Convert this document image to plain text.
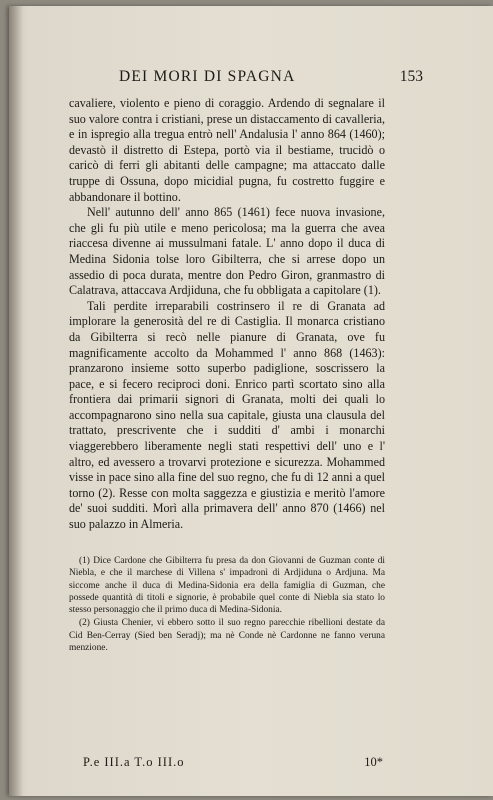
DEI MORI DI SPAGNA	153

cavaliere, violento e pieno di coraggio. Ardendo di segnalare il suo valore contra i cristiani, prese un distaccamento di cavalleria, e in ispregio alla tregua entrò nell' Andalusia l' anno 864 (1460); devastò il distretto di Estepa, portò via il bestiame, trucidò o caricò di ferri gli abitanti delle campagne; ma attaccato dalle truppe di Ossuna, dopo micidial pugna, fu costretto fuggire e abbandonare il bottino.

Nell' autunno dell' anno 865 (1461) fece nuova invasione, che gli fu più utile e meno pericolosa; ma la guerra che avea riaccesa divenne ai mussulmani fatale. L' anno dopo il duca di Medina Sidonia tolse loro Gibilterra, che si arrese dopo un assedio di poca durata, mentre don Pedro Giron, granmastro di Calatrava, attaccava Ardjiduna, che fu obbligata a capitolare (1).

Tali perdite irreparabili costrinsero il re di Granata ad implorare la generosità del re di Castiglia. Il monarca cristiano da Gibilterra si recò nelle pianure di Granata, ove fu magnificamente accolto da Mohammed l' anno 868 (1463): pranzarono insieme sotto superbo padiglione, soscrissero la pace, e si fecero reciproci doni. Enrico partì scortato sino alla frontiera dai primarii signori di Granata, molti dei quali lo accompagnarono sino nella sua capitale, giusta una clausula del trattato, prescrivente che i sudditi d' ambi i monarchi viaggerebbero liberamente negli stati respettivi dell' uno e l' altro, ed avessero a trovarvi protezione e sicurezza. Mohammed visse in pace sino alla fine del suo regno, che fu di 12 anni a quel torno (2). Resse con molta saggezza e giustizia e meritò l'amore de' suoi sudditi. Morì alla primavera dell' anno 870 (1466) nel suo palazzo in Almeria.

(1) Dice Cardone che Gibilterra fu presa da don Giovanni de Guzman conte di Niebla, e che il marchese di Villena s' impadronì di Ardjiduna o Ardjuna. Ma siccome anche il duca di Medina-Sidonia era della famiglia di Guzman, che possede quantità di titoli e signorie, è probabile quel conte di Niebla sia stato lo stesso personaggio che il primo duca di Medina-Sidonia.

(2) Giusta Chenier, vi ebbero sotto il suo regno parecchie ribellioni destate da Cid Ben-Cerray (Sied ben Seradj); ma nè Conde nè Cardonne ne fanno veruna menzione.

P.e III.a T.o III.o	10*
